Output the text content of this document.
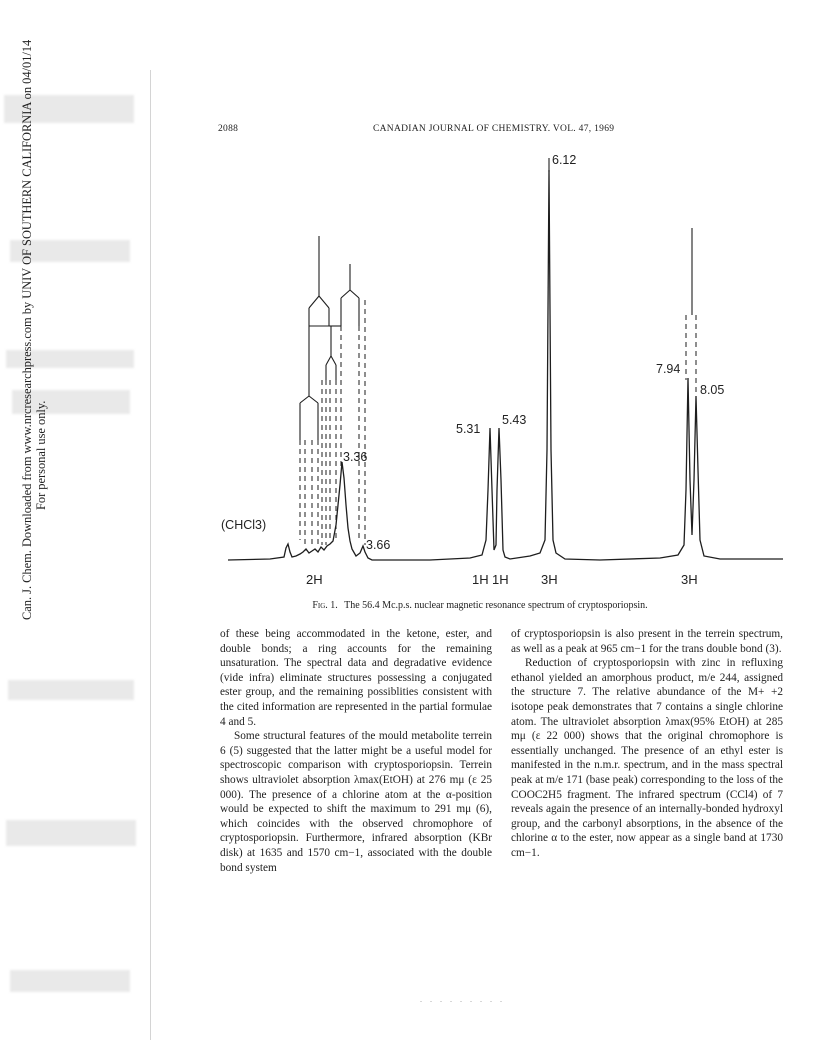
Can. J. Chem. Downloaded from www.nrcresearchpress.com by UNIV OF SOUTHERN CALIFORNIA on 04/01/14 For personal use only.
2088	CANADIAN JOURNAL OF CHEMISTRY. VOL. 47, 1969
6.12
7.94
8.05
5.31
5.43
3.36
3.66
(CHCl3)
2H	1H 1H 3H	3H
Fig. 1. The 56.4 Mc.p.s. nuclear magnetic resonance spectrum of cryptosporiopsin.

of these being accommodated in the ketone, ester, and double bonds; a ring accounts for the remaining unsaturation. The spectral data and degradative evidence (vide infra) eliminate structures possessing a conjugated ester group, and the remaining possiblities consistent with the cited information are represented in the partial formulae 4 and 5.

Some structural features of the mould metabolite terrein 6 (5) suggested that the latter might be a useful model for spectroscopic comparison with cryptosporiopsin. Terrein shows ultraviolet absorption λmax(EtOH) at 276 mμ (ε 25 000). The presence of a chlorine atom at the α-position would be expected to shift the maximum to 291 mμ (6), which coincides with the observed chromophore of cryptosporiopsin. Furthermore, infrared absorption (KBr disk) at 1635 and 1570 cm−1, associated with the double bond system

of cryptosporiopsin is also present in the terrein spectrum, as well as a peak at 965 cm−1 for the trans double bond (3).

Reduction of cryptosporiopsin with zinc in refluxing ethanol yielded an amorphous product, m/e 244, assigned the structure 7. The relative abundance of the M+ +2 isotope peak demonstrates that 7 contains a single chlorine atom. The ultraviolet absorption λmax(95% EtOH) at 285 mμ (ε 22 000) shows that the original chromophore is essentially unchanged. The presence of an ethyl ester is manifested in the n.m.r. spectrum, and in the mass spectral peak at m/e 171 (base peak) corresponding to the loss of the COOC2H5 fragment. The infrared spectrum (CCl4) of 7 reveals again the presence of an internally-bonded hydroxyl group, and the carbonyl absorptions, in the absence of the chlorine α to the ester, now appear as a single band at 1730 cm−1.

. . . . . . . . .
